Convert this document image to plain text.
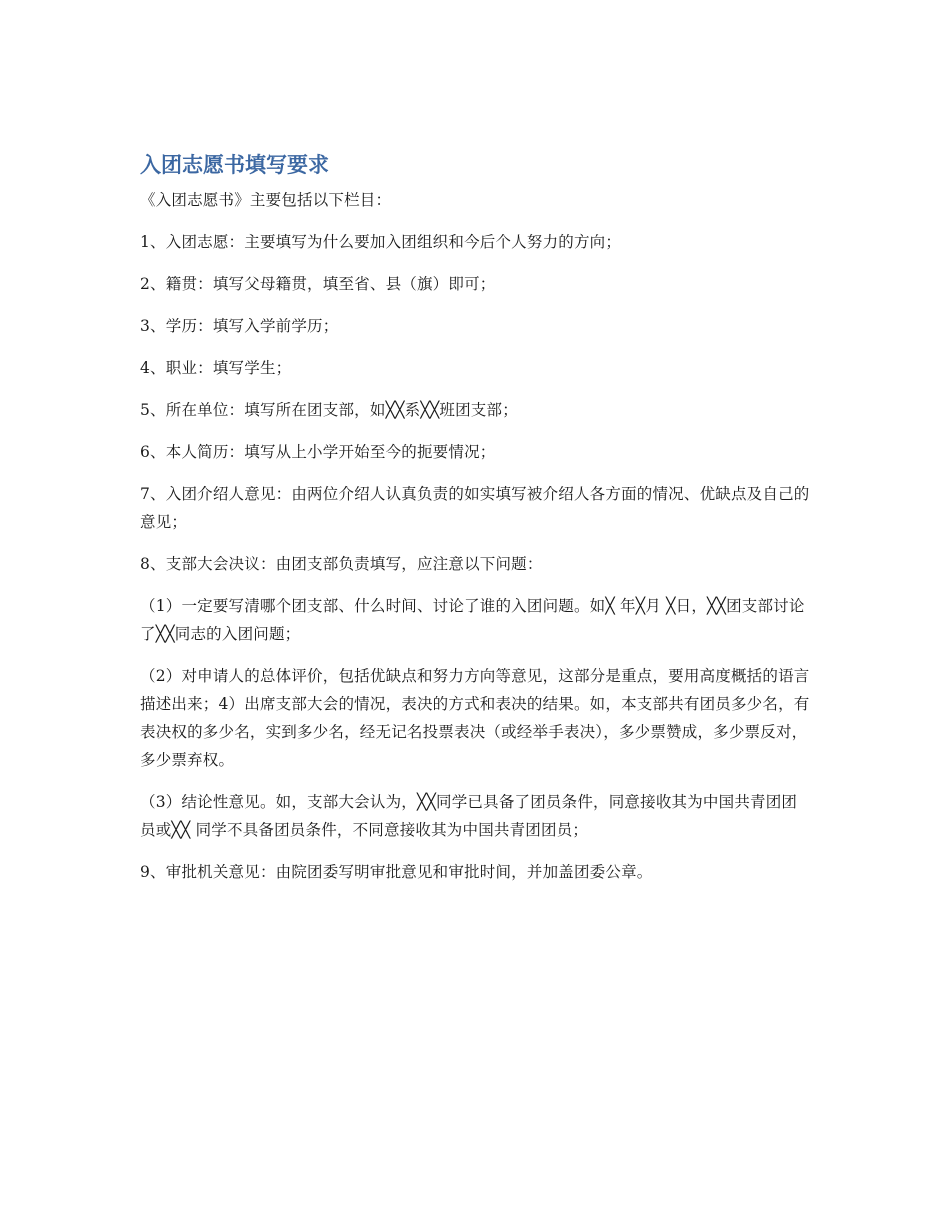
入团志愿书填写要求

《入团志愿书》主要包括以下栏目：

1、入团志愿：主要填写为什么要加入团组织和今后个人努力的方向；

2、籍贯：填写父母籍贯，填至省、县（旗）即可；

3、学历：填写入学前学历；

4、职业：填写学生；

5、所在单位：填写所在团支部，如╳╳系╳╳班团支部；

6、本人简历：填写从上小学开始至今的扼要情况；

7、入团介绍人意见：由两位介绍人认真负责的如实填写被介绍人各方面的情况、优缺点及自己的意见；

8、支部大会决议：由团支部负责填写，应注意以下问题：

（1）一定要写清哪个团支部、什么时间、讨论了谁的入团问题。如╳ 年╳月 ╳日，╳╳团支部讨论了╳╳同志的入团问题；

（2）对申请人的总体评价，包括优缺点和努力方向等意见，这部分是重点，要用高度概括的语言描述出来；4）出席支部大会的情况，表决的方式和表决的结果。如，本支部共有团员多少名，有表决权的多少名，实到多少名，经无记名投票表决（或经举手表决），多少票赞成，多少票反对，多少票弃权。

（3）结论性意见。如，支部大会认为，╳╳同学已具备了团员条件，同意接收其为中国共青团团员或╳╳ 同学不具备团员条件，不同意接收其为中国共青团团员；

9、审批机关意见：由院团委写明审批意见和审批时间，并加盖团委公章。
